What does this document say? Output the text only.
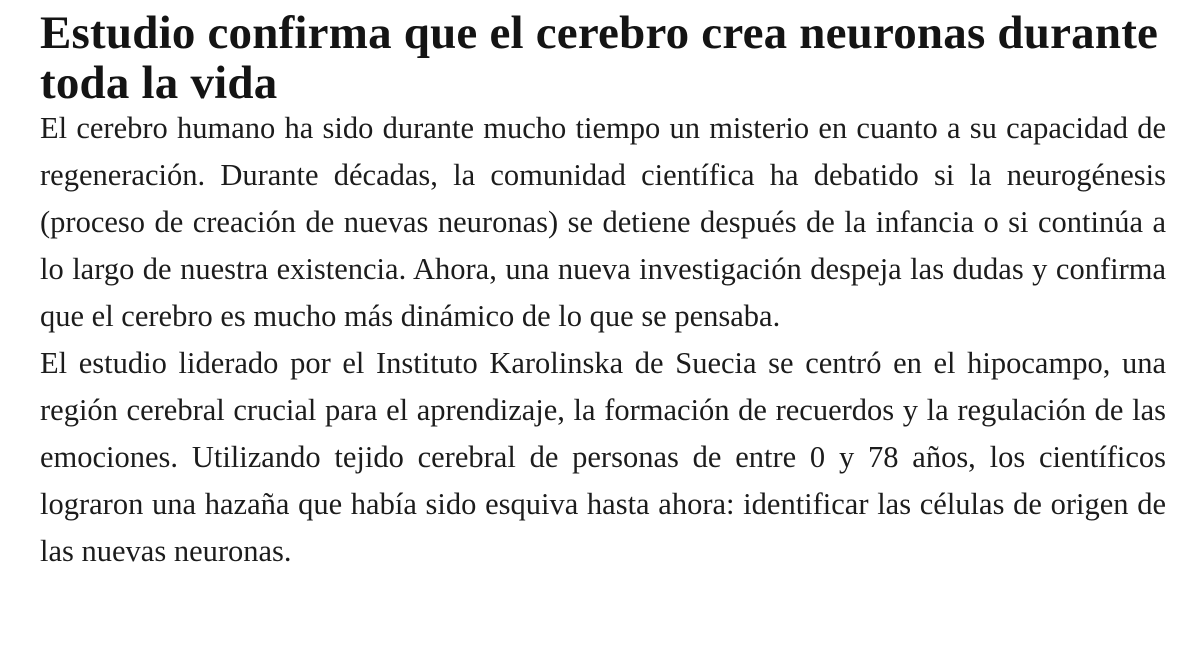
Estudio confirma que el cerebro crea neuronas durante toda la vida

El cerebro humano ha sido durante mucho tiempo un misterio en cuanto a su capacidad de regeneración. Durante décadas, la comunidad científica ha debatido si la neurogénesis (proceso de creación de nuevas neuronas) se detiene después de la infancia o si continúa a lo largo de nuestra existencia. Ahora, una nueva investigación despeja las dudas y confirma que el cerebro es mucho más dinámico de lo que se pensaba.

El estudio liderado por el Instituto Karolinska de Suecia se centró en el hipocampo, una región cerebral crucial para el aprendizaje, la formación de recuerdos y la regulación de las emociones. Utilizando tejido cerebral de personas de entre 0 y 78 años, los científicos lograron una hazaña que había sido esquiva hasta ahora: identificar las células de origen de las nuevas neuronas.
